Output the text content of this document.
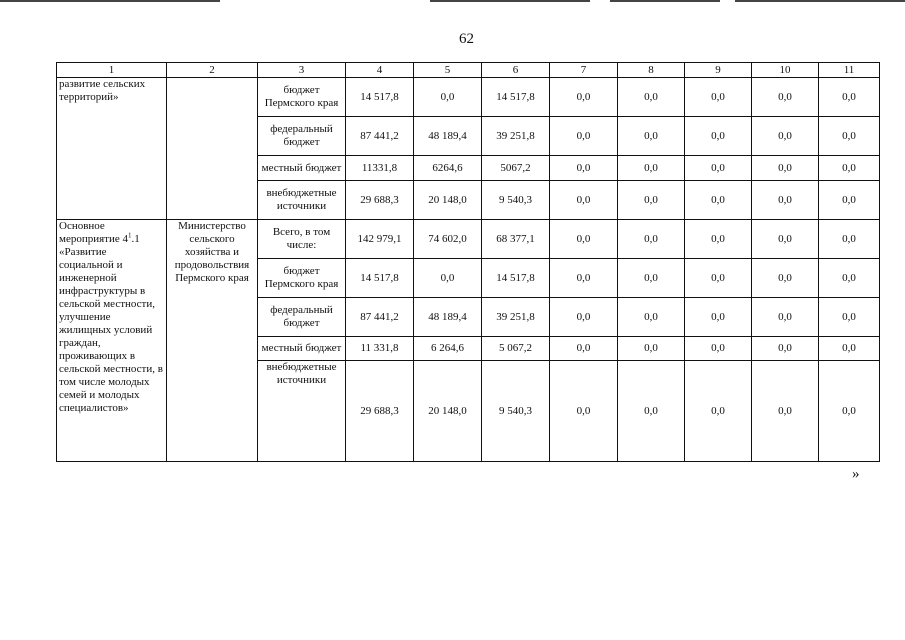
62
1	2	3	4	5	6	7	8	9	10	11
развитие сельских территорий»		бюджет Пермского края	14 517,8	0,0	14 517,8	0,0	0,0	0,0	0,0	0,0
		федеральный бюджет	87 441,2	48 189,4	39 251,8	0,0	0,0	0,0	0,0	0,0
		местный бюджет	11331,8	6264,6	5067,2	0,0	0,0	0,0	0,0	0,0
		внебюджетные источники	29 688,3	20 148,0	9 540,3	0,0	0,0	0,0	0,0	0,0
Основное мероприятие $4^1.1$ «Развитие социальной и инженерной инфраструктуры в сельской местности, улучшение жилищных условий граждан, проживающих в сельской местности, в том числе молодых семей и молодых специалистов»	Министерство сельского хозяйства и продовольствия Пермского края	Всего, в том числе:	142 979,1	74 602,0	68 377,1	0,0	0,0	0,0	0,0	0,0
		бюджет Пермского края	14 517,8	0,0	14 517,8	0,0	0,0	0,0	0,0	0,0
		федеральный бюджет	87 441,2	48 189,4	39 251,8	0,0	0,0	0,0	0,0	0,0
		местный бюджет	11 331,8	6 264,6	5 067,2	0,0	0,0	0,0	0,0	0,0
		внебюджетные источники	29 688,3	20 148,0	9 540,3	0,0	0,0	0,0	0,0	0,0
»
